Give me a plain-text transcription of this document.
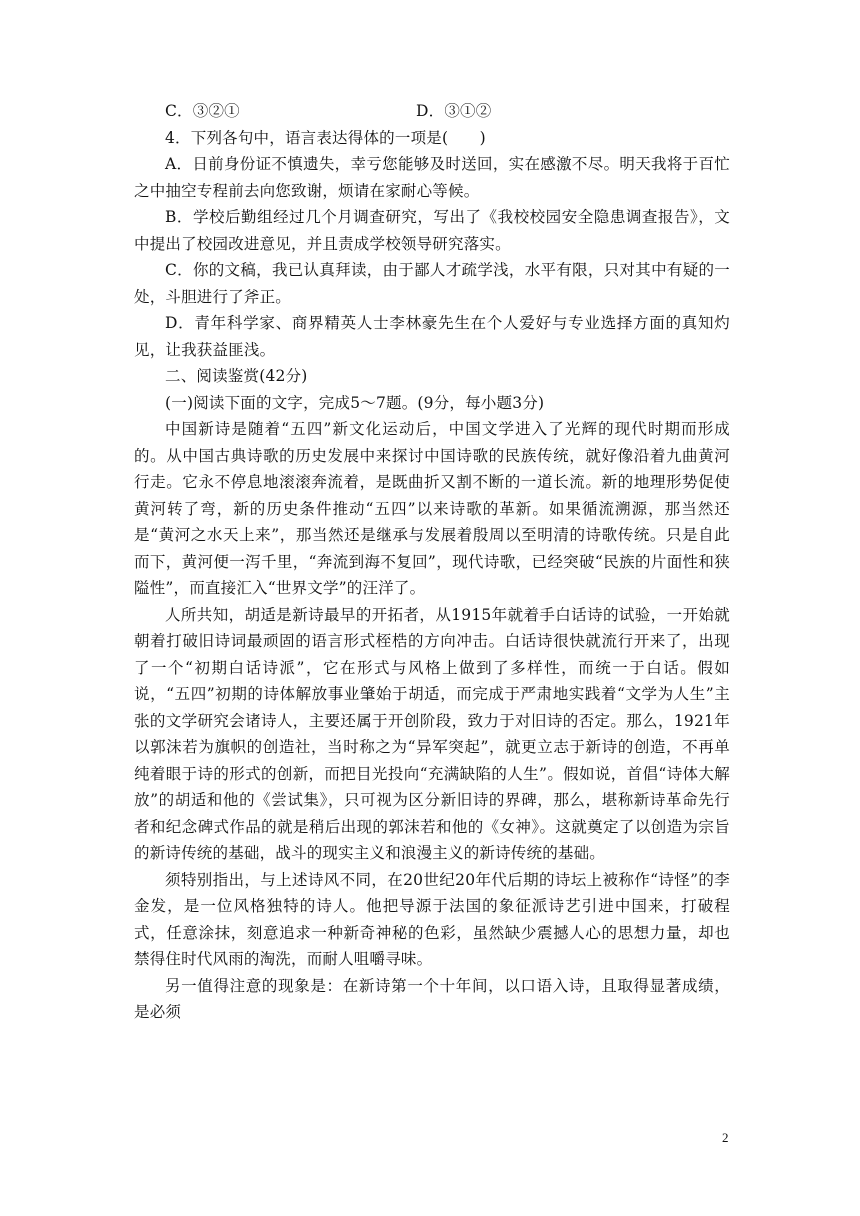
C．③②①	D．③①②

4．下列各句中，语言表达得体的一项是(　　)

A．日前身份证不慎遗失，幸亏您能够及时送回，实在感激不尽。明天我将于百忙之中抽空专程前去向您致谢，烦请在家耐心等候。

B．学校后勤组经过几个月调查研究，写出了《我校校园安全隐患调查报告》，文中提出了校园改进意见，并且责成学校领导研究落实。

C．你的文稿，我已认真拜读，由于鄙人才疏学浅，水平有限，只对其中有疑的一处，斗胆进行了斧正。

D．青年科学家、商界精英人士李林豪先生在个人爱好与专业选择方面的真知灼见，让我获益匪浅。

二、阅读鉴赏(42分)

(一)阅读下面的文字，完成5～7题。(9分，每小题3分)

中国新诗是随着“五四”新文化运动后，中国文学进入了光辉的现代时期而形成的。从中国古典诗歌的历史发展中来探讨中国诗歌的民族传统，就好像沿着九曲黄河行走。它永不停息地滚滚奔流着，是既曲折又割不断的一道长流。新的地理形势促使黄河转了弯，新的历史条件推动“五四”以来诗歌的革新。如果循流溯源，那当然还是“黄河之水天上来”，那当然还是继承与发展着殷周以至明清的诗歌传统。只是自此而下，黄河便一泻千里，“奔流到海不复回”，现代诗歌，已经突破“民族的片面性和狭隘性”，而直接汇入“世界文学”的汪洋了。

人所共知，胡适是新诗最早的开拓者，从1915年就着手白话诗的试验，一开始就朝着打破旧诗词最顽固的语言形式桎梏的方向冲击。白话诗很快就流行开来了，出现了一个“初期白话诗派”，它在形式与风格上做到了多样性，而统一于白话。假如说，“五四”初期的诗体解放事业肇始于胡适，而完成于严肃地实践着“文学为人生”主张的文学研究会诸诗人，主要还属于开创阶段，致力于对旧诗的否定。那么，1921年以郭沫若为旗帜的创造社，当时称之为“异军突起”，就更立志于新诗的创造，不再单纯着眼于诗的形式的创新，而把目光投向“充满缺陷的人生”。假如说，首倡“诗体大解放”的胡适和他的《尝试集》，只可视为区分新旧诗的界碑，那么，堪称新诗革命先行者和纪念碑式作品的就是稍后出现的郭沫若和他的《女神》。这就奠定了以创造为宗旨的新诗传统的基础，战斗的现实主义和浪漫主义的新诗传统的基础。

须特别指出，与上述诗风不同，在20世纪20年代后期的诗坛上被称作“诗怪”的李金发，是一位风格独特的诗人。他把导源于法国的象征派诗艺引进中国来，打破程式，任意涂抹，刻意追求一种新奇神秘的色彩，虽然缺少震撼人心的思想力量，却也禁得住时代风雨的淘洗，而耐人咀嚼寻味。

另一值得注意的现象是：在新诗第一个十年间，以口语入诗，且取得显著成绩，是必须

2
